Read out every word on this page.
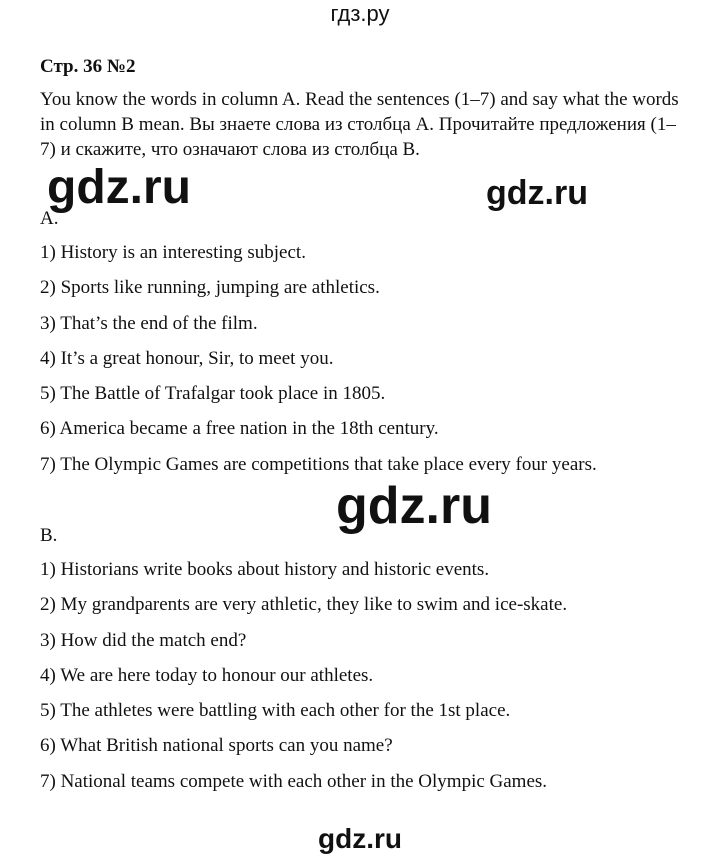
гдз.ру
Стр. 36 №2

You know the words in column A. Read the sentences (1–7) and say what the words in column B mean. Вы знаете слова из столбца А. Прочитайте предложения (1–7) и скажите, что означают слова из столбца В.

gdz.ru	gdz.ru
A.
1) History is an interesting subject.
2) Sports like running, jumping are athletics.
3) That’s the end of the film.
4) It’s a great honour, Sir, to meet you.
5) The Battle of Trafalgar took place in 1805.
6) America became a free nation in the 18th century.
7) The Olympic Games are competitions that take place every four years.
gdz.ru
B.
1) Historians write books about history and historic events.
2) My grandparents are very athletic, they like to swim and ice-skate.
3) How did the match end?
4) We are here today to honour our athletes.
5) The athletes were battling with each other for the 1st place.
6) What British national sports can you name?
7) National teams compete with each other in the Olympic Games.
gdz.ru
